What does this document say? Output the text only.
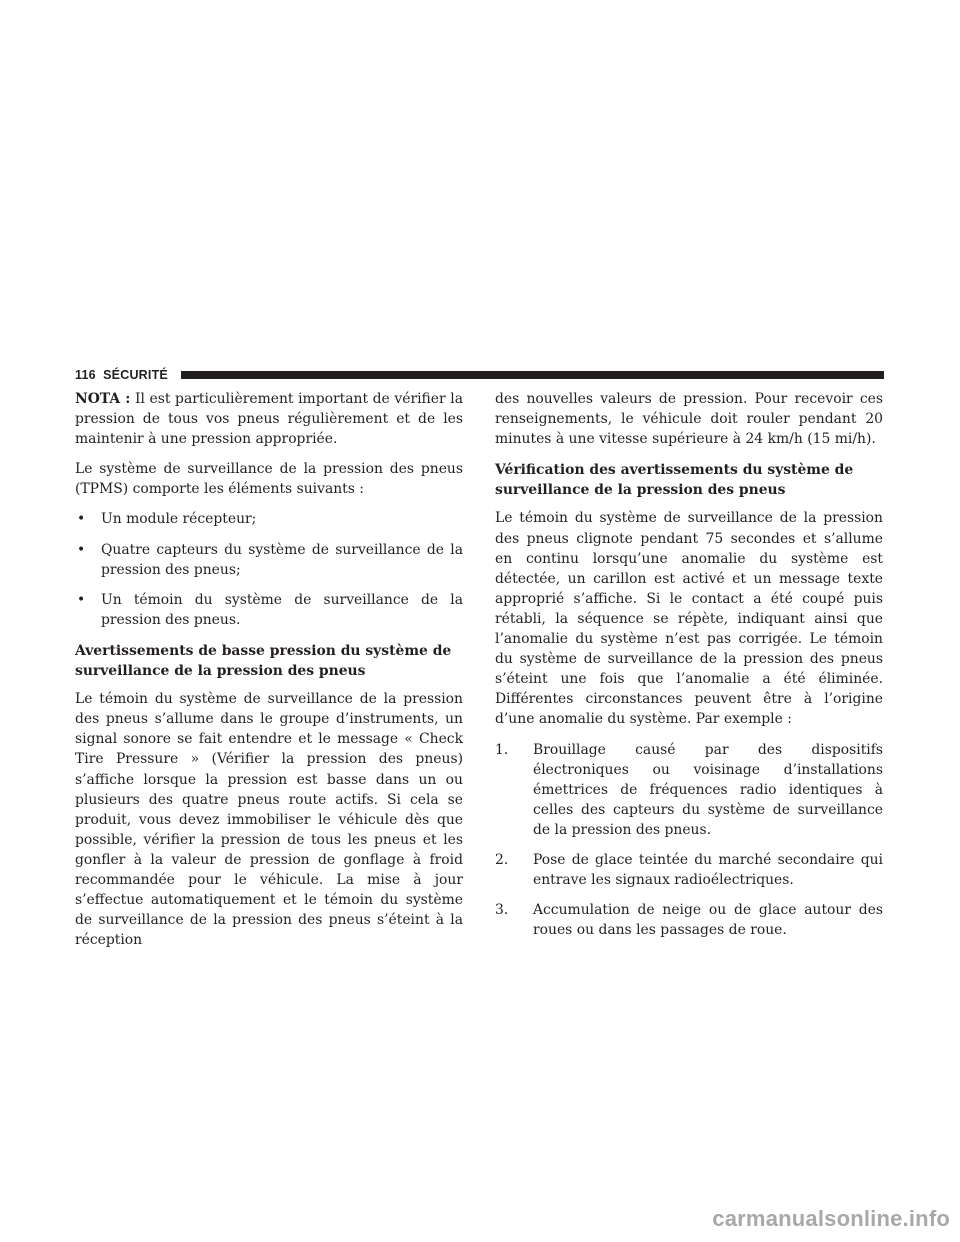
116 SÉCURITÉ

NOTA : Il est particulièrement important de vérifier la pression de tous vos pneus régulièrement et de les maintenir à une pression appropriée.

Le système de surveillance de la pression des pneus (TPMS) comporte les éléments suivants :

• Un module récepteur;
• Quatre capteurs du système de surveillance de la pression des pneus;
• Un témoin du système de surveillance de la pression des pneus.
Avertissements de basse pression du système de surveillance de la pression des pneus

Le témoin du système de surveillance de la pression des pneus s’allume dans le groupe d’instruments, un signal sonore se fait entendre et le message « Check Tire Pressure » (Vérifier la pression des pneus) s’affiche lorsque la pression est basse dans un ou plusieurs des quatre pneus route actifs. Si cela se produit, vous devez immobiliser le véhicule dès que possible, vérifier la pression de tous les pneus et les gonfler à la valeur de pression de gonflage à froid recommandée pour le véhicule. La mise à jour s’effectue automatiquement et le témoin du système de surveillance de la pression des pneus s’éteint à la réception

des nouvelles valeurs de pression. Pour recevoir ces renseignements, le véhicule doit rouler pendant 20 minutes à une vitesse supérieure à 24 km/h (15 mi/h).

Vérification des avertissements du système de surveillance de la pression des pneus

Le témoin du système de surveillance de la pression des pneus clignote pendant 75 secondes et s’allume en continu lorsqu’une anomalie du système est détectée, un carillon est activé et un message texte approprié s’affiche. Si le contact a été coupé puis rétabli, la séquence se répète, indiquant ainsi que l’anomalie du système n’est pas corrigée. Le témoin du système de surveillance de la pression des pneus s’éteint une fois que l’anomalie a été éliminée. Différentes circonstances peuvent être à l’origine d’une anomalie du système. Par exemple :

1. Brouillage causé par des dispositifs électroniques ou voisinage d’installations émettrices de fréquences radio identiques à celles des capteurs du système de surveillance de la pression des pneus.
2. Pose de glace teintée du marché secondaire qui entrave les signaux radioélectriques.
3. Accumulation de neige ou de glace autour des roues ou dans les passages de roue.
carmanualsonline.info
